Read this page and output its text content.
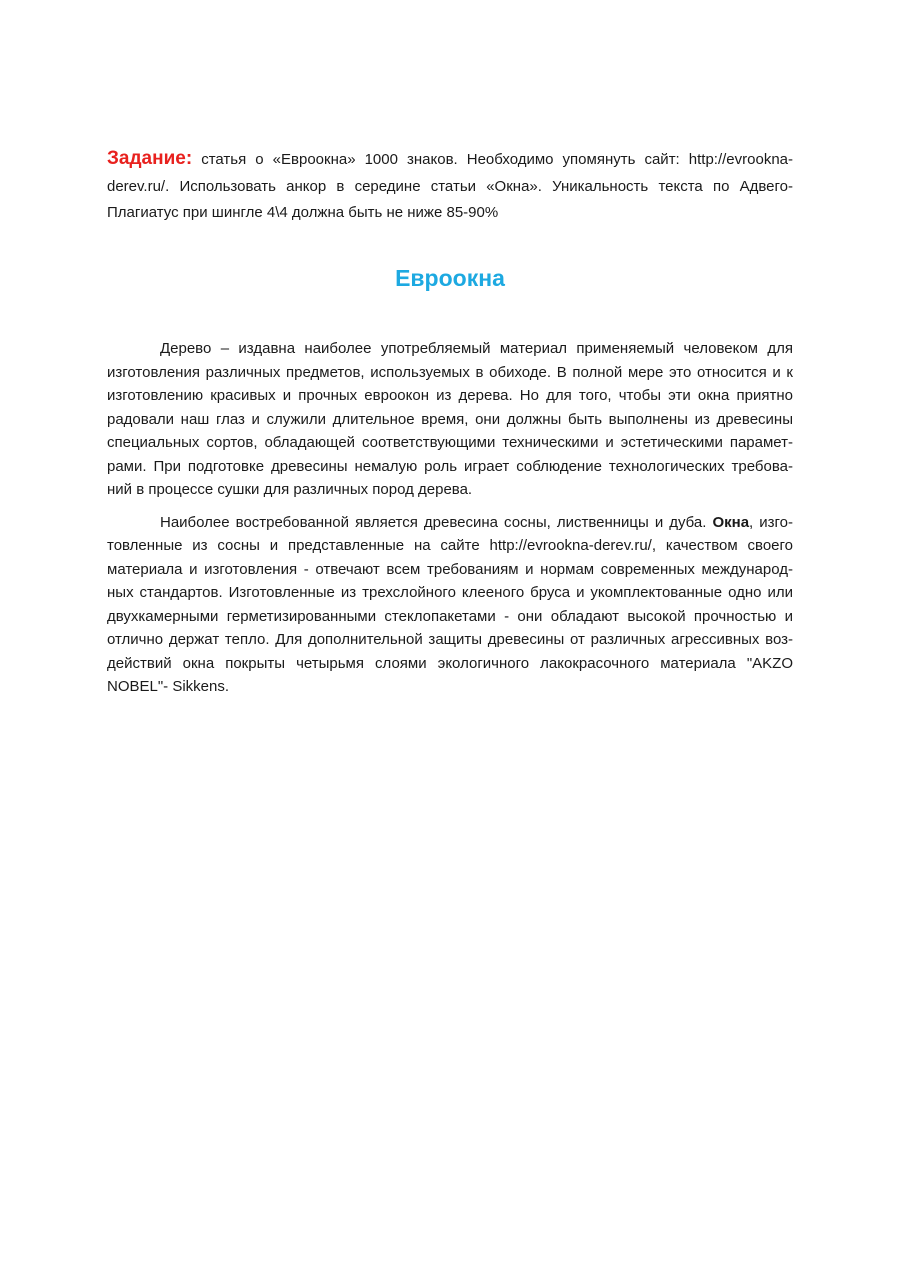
Задание: статья о «Евроокна» 1000 знаков. Необходимо упомянуть сайт: http://evrookna-derev.ru/. Использовать анкор в середине статьи «Окна». Уникальность текста по Адвего-Плагиатус при шингле 4\4 должна быть не ниже 85-90%

Евроокна

Дерево – издавна наиболее употребляемый материал применяемый человеком для изготовления различных предметов, используемых в обиходе. В полной мере это относится и к изготовлению красивых и прочных евроокон из дерева. Но для того, чтобы эти окна приятно радовали наш глаз и служили длительное время, они должны быть выполнены из древесины специальных сортов, обладающей соответствующими техническими и эстетическими парамет-рами. При подготовке древесины немалую роль играет соблюдение технологических требова-ний в процессе сушки для различных пород дерева.

Наиболее востребованной является древесина сосны, лиственницы и дуба. Окна, изго-товленные из сосны и представленные на сайте http://evrookna-derev.ru/, качеством своего материала и изготовления - отвечают всем требованиям и нормам современных международ-ных стандартов. Изготовленные из трехслойного клееного бруса и укомплектованные одно или двухкамерными герметизированными стеклопакетами - они обладают высокой прочностью и отлично держат тепло. Для дополнительной защиты древесины от различных агрессивных воз-действий окна покрыты четырьмя слоями экологичного лакокрасочного материала "AKZO NOBEL"- Sikkens.
